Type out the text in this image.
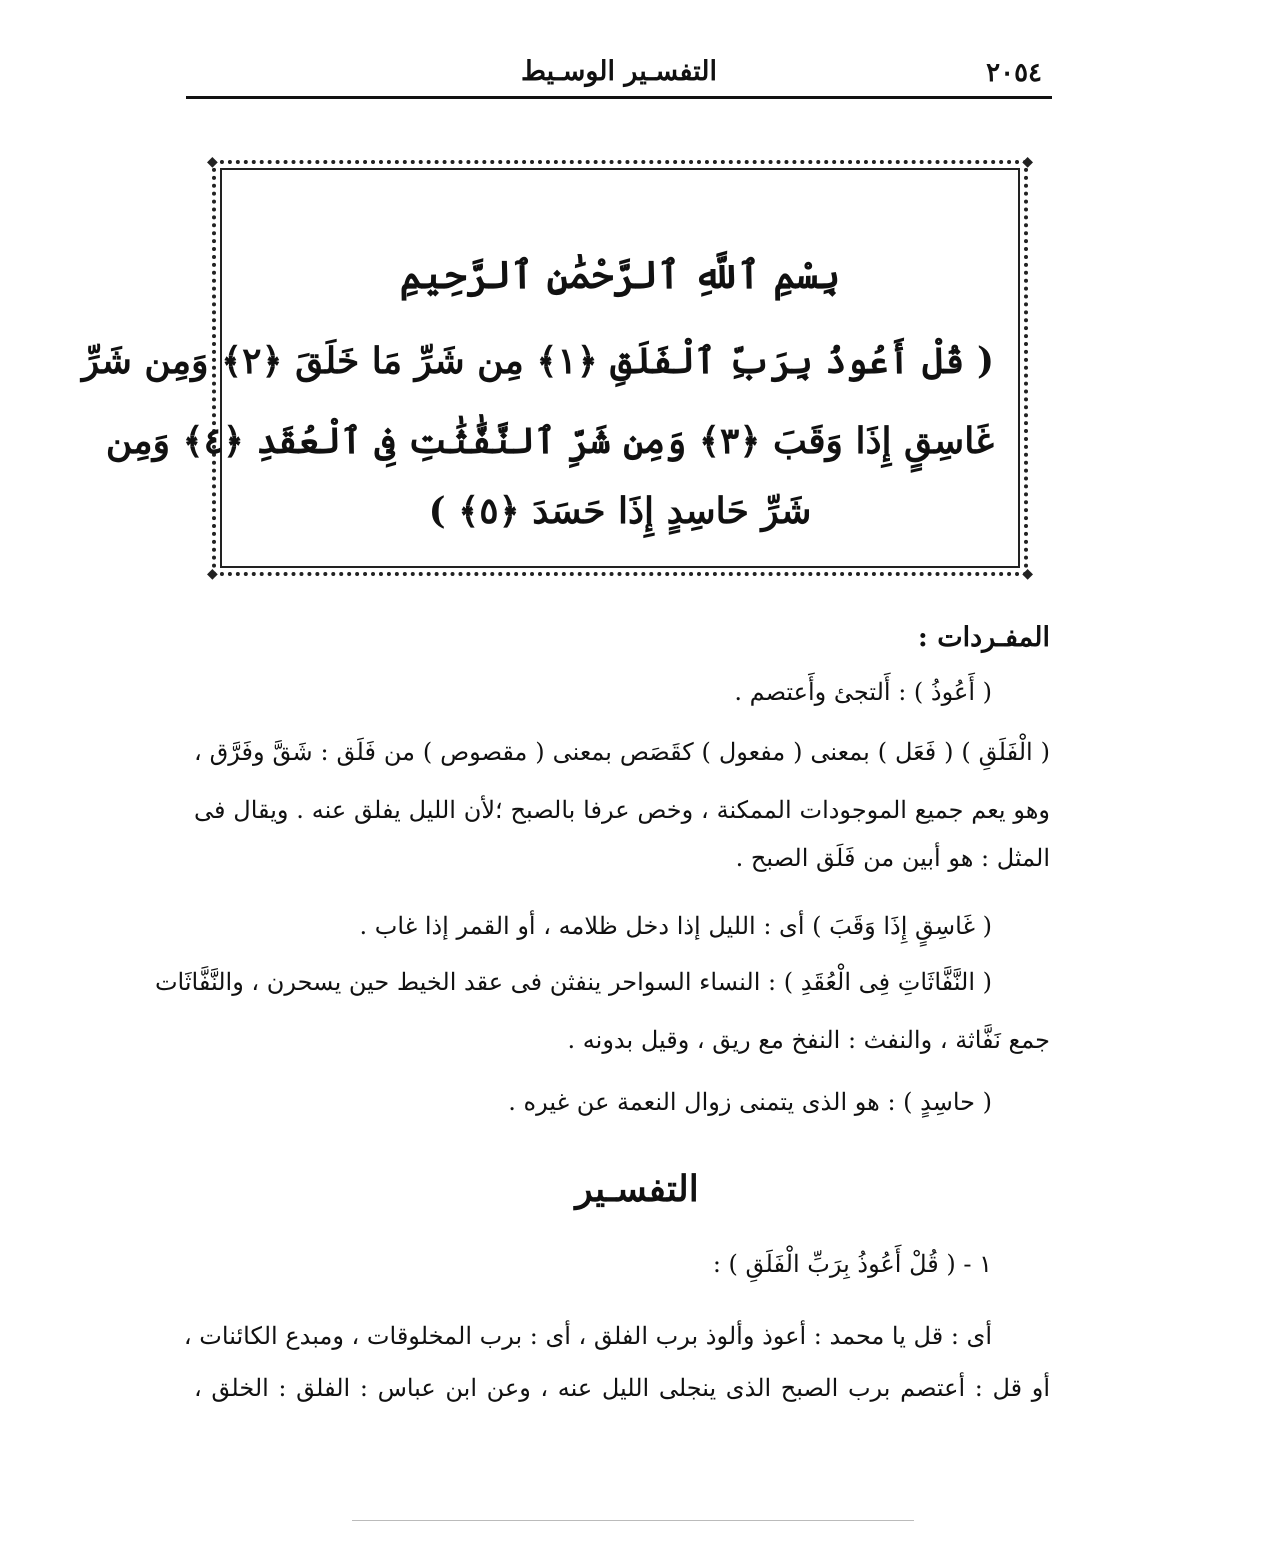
٢٠٥٤
التفسـير الوسـيط
◆	◆
◆	◆
بِسْمِ ٱللَّهِ ٱلرَّحْمَٰنِ ٱلرَّحِيمِ
( قُلْ أَعُوذُ بِرَبِّ ٱلْفَلَقِ ﴿١﴾ مِن شَرِّ مَا خَلَقَ ﴿٢﴾ وَمِن شَرِّ
غَاسِقٍ إِذَا وَقَبَ ﴿٣﴾ وَمِن شَرِّ ٱلنَّفَّٰثَٰتِ فِى ٱلْعُقَدِ ﴿٤﴾ وَمِن
شَرِّ حَاسِدٍ إِذَا حَسَدَ ﴿٥﴾ )
المفـردات :
( أَعُوذُ ) : أَلتجئ وأَعتصم .
( الْفَلَقِ ) ( فَعَل ) بمعنى ( مفعول ) كقَصَص بمعنى ( مقصوص ) من فَلَق : شَقَّ وفَرَّق ،
وهو يعم جميع الموجودات الممكنة ، وخص عرفا بالصبح ؛لأن الليل يفلق عنه . ويقال فى
المثل : هو أبين من فَلَق الصبح .
( غَاسِقٍ إِذَا وَقَبَ ) أى : الليل إذا دخل ظلامه ، أو القمر إذا غاب .
( النَّفَّاثَاتِ فِى الْعُقَدِ ) : النساء السواحر ينفثن فى عقد الخيط حين يسحرن ، والنَّفَّاثَات
جمع نَفَّاثة ، والنفث : النفخ مع ريق ، وقيل بدونه .
( حاسِدٍ ) : هو الذى يتمنى زوال النعمة عن غيره .
التفسـير
١ - ( قُلْ أَعُوذُ بِرَبِّ الْفَلَقِ ) :
أى : قل يا محمد : أعوذ وألوذ برب الفلق ، أى : برب المخلوقات ، ومبدع الكائنات ،
أو قل : أعتصم برب الصبح الذى ينجلى الليل عنه ، وعن ابن عباس : الفلق : الخلق ،
